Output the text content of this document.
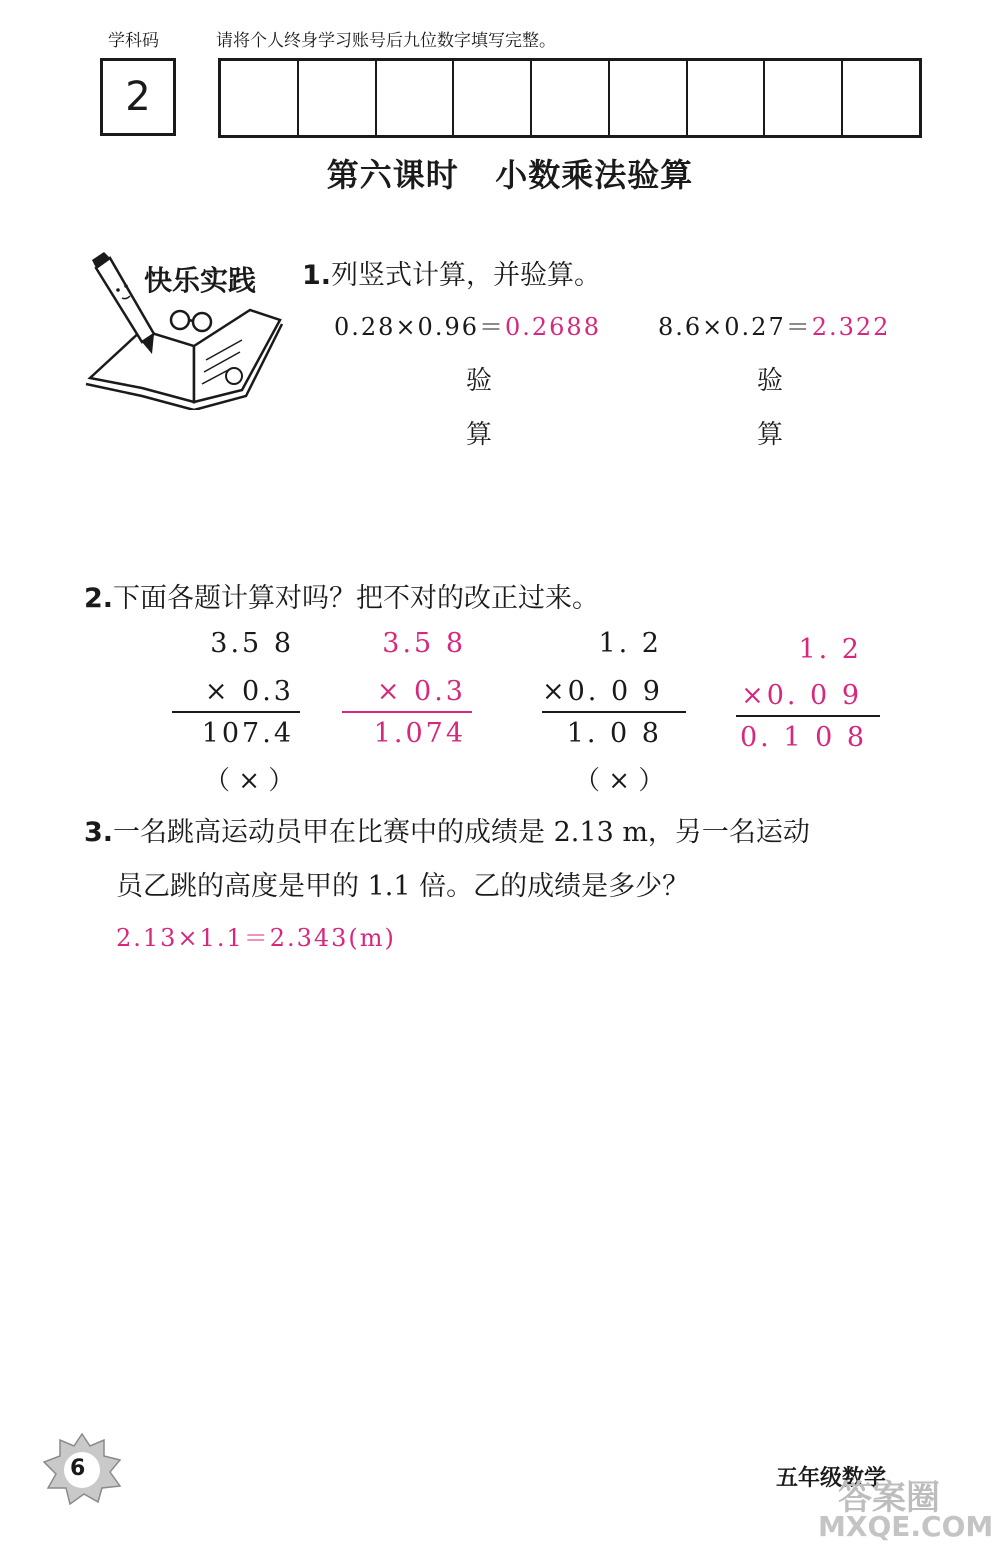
学科码	请将个人终身学习账号后九位数字填写完整。
2
第六课时   小数乘法验算
快乐实践 1.列竖式计算，并验算。
0.28×0.96＝0.2688 8.6×0.27＝2.322
验
算
验
算
2.下面各题计算对吗？把不对的改正过来。
3.5 8
× 0.3
107.4
（ × ）
3.5 8
× 0.3
1.074
1. 2
×0. 0 9
1. 0 8
（ × ）
1. 2
×0. 0 9
0. 1 0 8
3.一名跳高运动员甲在比赛中的成绩是 2.13 m，另一名运动
员乙跳的高度是甲的 1.1 倍。乙的成绩是多少？
2.13×1.1＝2.343(m)
6	五年级数学
答案圈
MXQE.COM
